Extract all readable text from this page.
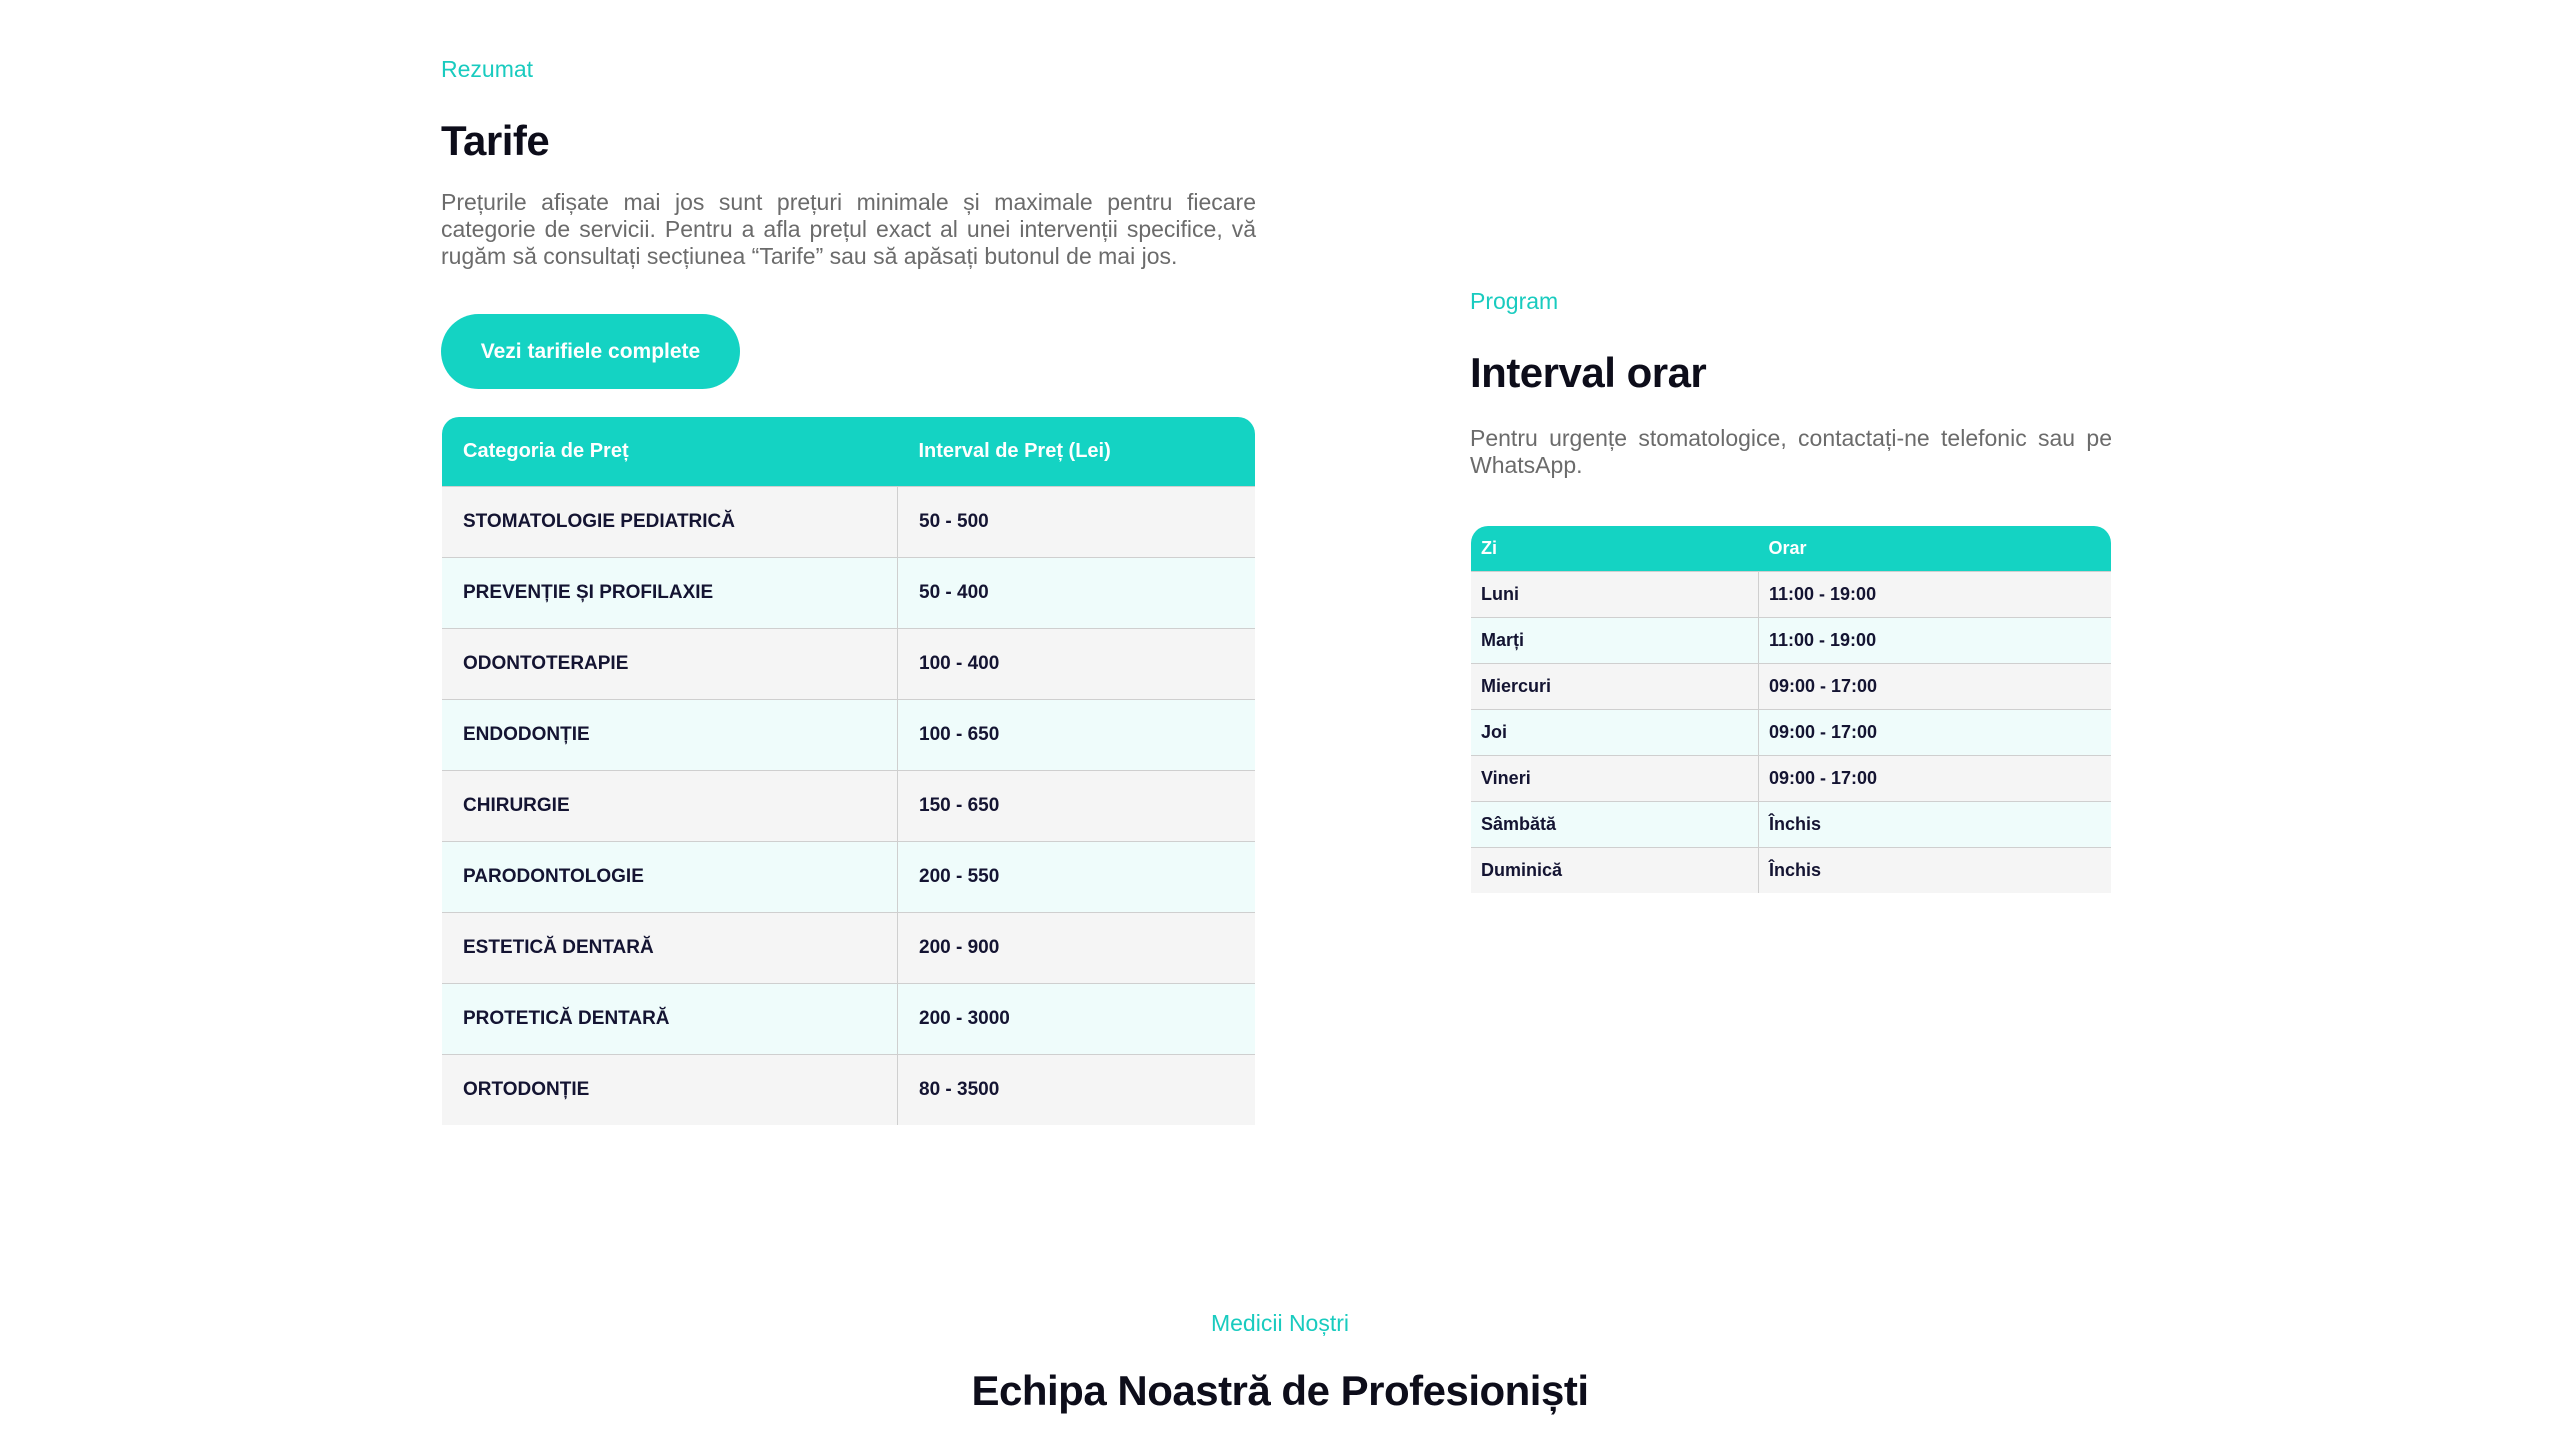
Rezumat
Tarife

Prețurile afișate mai jos sunt prețuri minimale și maximale pentru fiecare categorie de servicii. Pentru a afla prețul exact al unei intervenții specifice, vă rugăm să consultați secțiunea “Tarife” sau să apăsați butonul de mai jos.

Vezi tarifiele complete
Categoria de Preț	Interval de Preț (Lei)
STOMATOLOGIE PEDIATRICĂ	50 - 500
PREVENȚIE ȘI PROFILAXIE	50 - 400
ODONTOTERAPIE	100 - 400
ENDODONȚIE	100 - 650
CHIRURGIE	150 - 650
PARODONTOLOGIE	200 - 550
ESTETICĂ DENTARĂ	200 - 900
PROTETICĂ DENTARĂ	200 - 3000
ORTODONȚIE	80 - 3500
Program
Interval orar

Pentru urgențe stomatologice, contactați-ne telefonic sau pe WhatsApp.

Zi	Orar
Luni	11:00 - 19:00
Marți	11:00 - 19:00
Miercuri	09:00 - 17:00
Joi	09:00 - 17:00
Vineri	09:00 - 17:00
Sâmbătă	Închis
Duminică	Închis
Medicii Noștri
Echipa Noastră de Profesioniști
